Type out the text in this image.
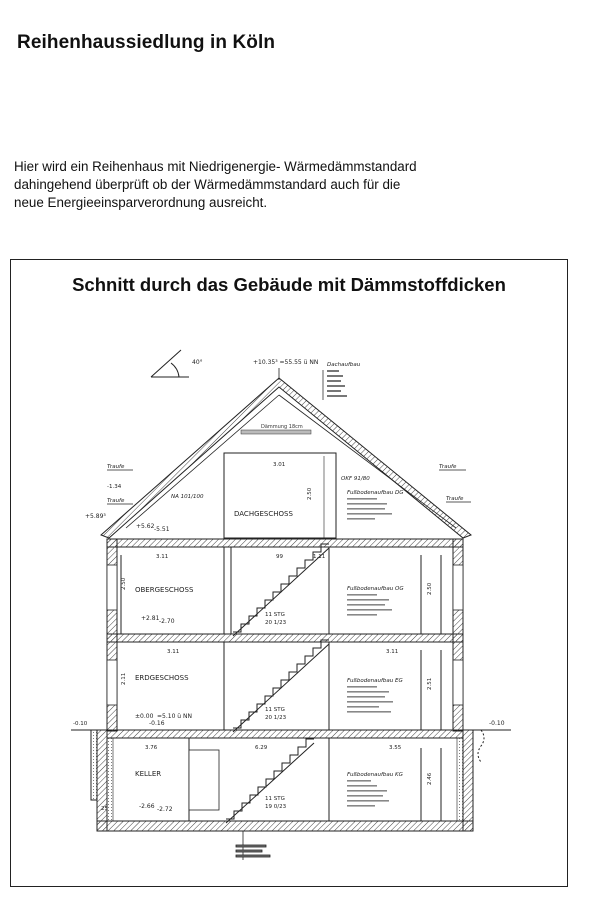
Reihenhaussiedlung in Köln
Hier wird ein Reihenhaus mit Niedrigenergie- Wärmedämmstandard
dahingehend überprüft ob der Wärmedämmstandard auch für die
neue Energieeinsparverordnung ausreicht.
Schnitt durch das Gebäude mit Dämmstoffdicken
40°	+10.35³ =55.55 ü NN Dachaufbau
Dämmung 18cm
Traufe
-1.34
Traufe
Traufe
Traufe
+5.89³
+5.62 -5.51
NA 101/100
OKF 91/80
3.01
DACHGESCHOSS
2.50	Fußbodenaufbau DG
3.11	99	1.11
OBERGESCHOSS
+2.81 -2.70
11 STG
20 1/23
2.50	2.50
Fußbodenaufbau OG
3.11	3.11
ERDGESCHOSS
±0.00 =5.10 ü NN
-0.16
11 STG
20 1/23
2.11	2.51
Fußbodenaufbau EG
-0.10
3.76	6.29	3.55
KELLER
-2.66 -2.72
11 STG
19 0/23
2.46
Fußbodenaufbau KG
25
-0.10
